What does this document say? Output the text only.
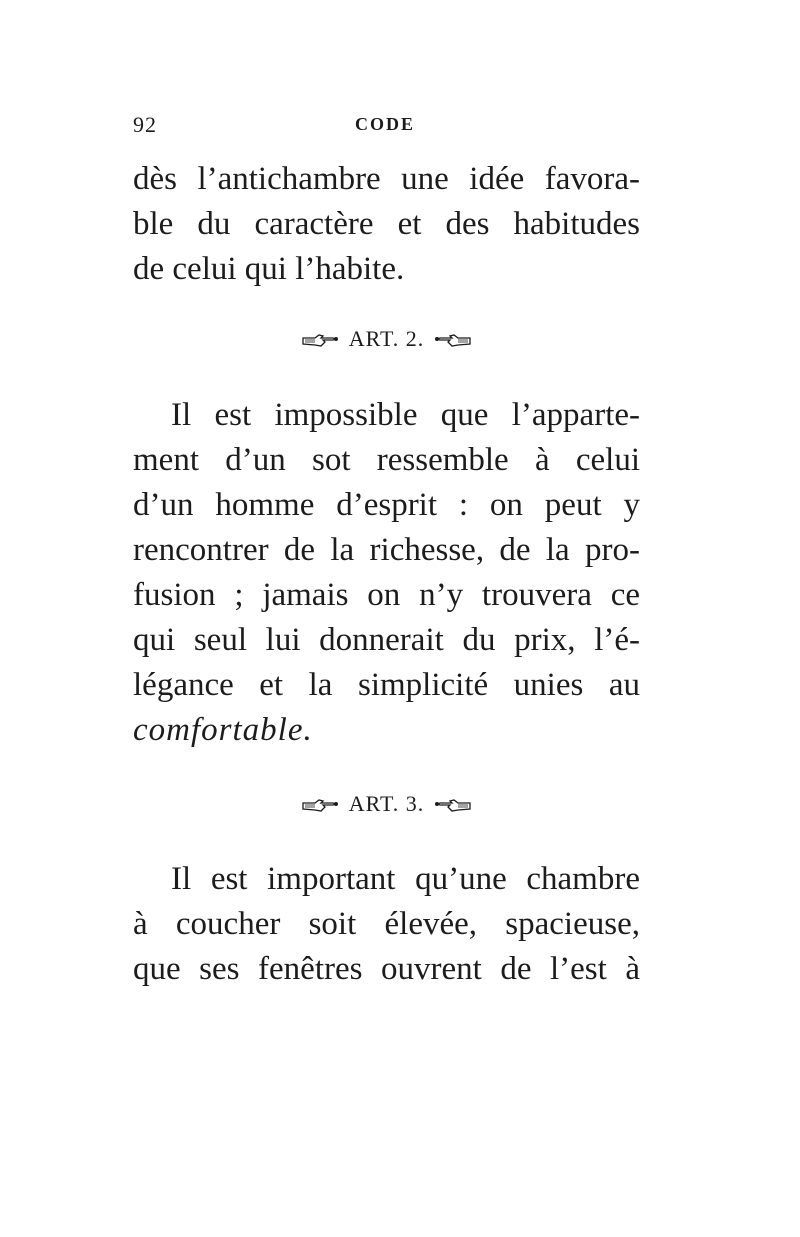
92	CODE
dès l’antichambre une idée favora-
ble du caractère et des habitudes
de celui qui l’habite.
ART. 2.
Il est impossible que l’apparte-
ment d’un sot ressemble à celui
d’un homme d’esprit : on peut y
rencontrer de la richesse, de la pro-
fusion ; jamais on n’y trouvera ce
qui seul lui donnerait du prix, l’é-
légance et la simplicité unies au
comfortable.
ART. 3.
Il est important qu’une chambre
à coucher soit élevée, spacieuse,
que ses fenêtres ouvrent de l’est à
